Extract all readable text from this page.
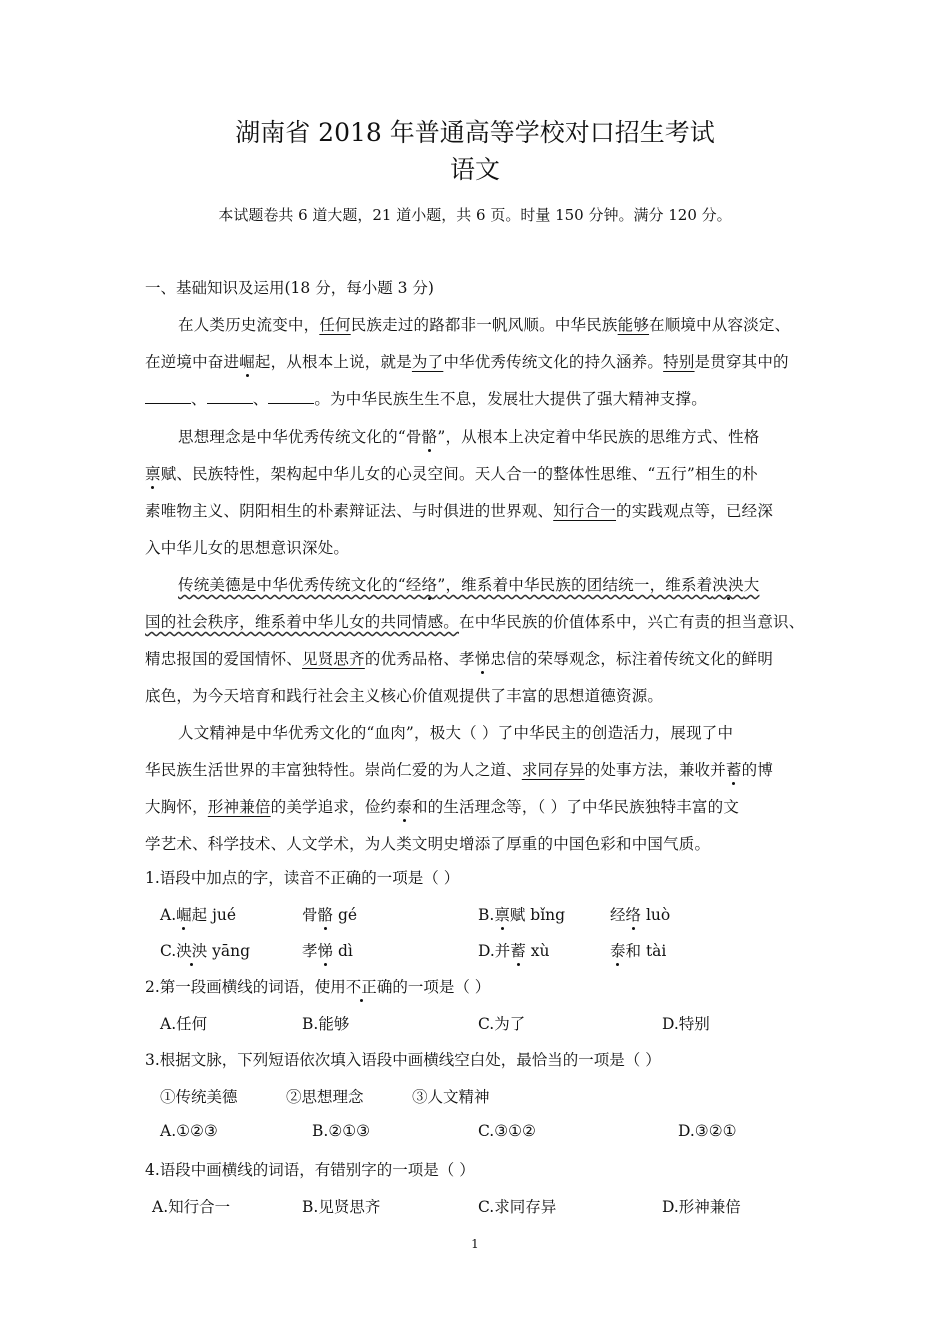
湖南省 2018 年普通高等学校对口招生考试
语文
本试题卷共 6 道大题，21 道小题，共 6 页。时量 150 分钟。满分 120 分。
一、基础知识及运用(18 分，每小题 3 分)
在人类历史流变中，任何民族走过的路都非一帆风顺。中华民族能够在顺境中从容淡定、
在逆境中奋进崛起，从根本上说，就是为了中华优秀传统文化的持久涵养。特别是贯穿其中的
、	、	。为中华民族生生不息，发展壮大提供了强大精神支撑。
思想理念是中华优秀传统文化的“骨骼”，从根本上决定着中华民族的思维方式、性格
禀赋、民族特性，架构起中华儿女的心灵空间。天人合一的整体性思维、“五行”相生的朴
素唯物主义、阴阳相生的朴素辩证法、与时俱进的世界观、知行合一的实践观点等，已经深
入中华儿女的思想意识深处。
传统美德是中华优秀传统文化的“经络”，维系着中华民族的团结统一，维系着泱泱大
国的社会秩序，维系着中华儿女的共同情感。在中华民族的价值体系中，兴亡有责的担当意识、
精忠报国的爱国情怀、见贤思齐的优秀品格、孝悌忠信的荣辱观念，标注着传统文化的鲜明
底色，为今天培育和践行社会主义核心价值观提供了丰富的思想道德资源。
人文精神是中华优秀文化的“血肉”，极大（ ）了中华民主的创造活力，展现了中
华民族生活世界的丰富独特性。崇尚仁爱的为人之道、求同存异的处事方法，兼收并蓄的博
大胸怀，形神兼倍的美学追求，俭约泰和的生活理念等，（ ）了中华民族独特丰富的文
学艺术、科学技术、人文学术，为人类文明史增添了厚重的中国色彩和中国气质。
1.语段中加点的字，读音不正确的一项是（ ）
A.崛起 jué	骨骼 gé	B.禀赋 bǐng	经络 luò
C.泱泱 yāng	孝悌 dì	D.并蓄 xù	泰和 tài
2.第一段画横线的词语，使用不正确的一项是（ ）
A.任何	B.能够	C.为了	D.特别
3.根据文脉，下列短语依次填入语段中画横线空白处，最恰当的一项是（ ）
①传统美德	②思想理念	③人文精神
A.①②③	B.②①③	C.③①②	D.③②①
4.语段中画横线的词语，有错别字的一项是（ ）
A.知行合一	B.见贤思齐	C.求同存异	D.形神兼倍
1
